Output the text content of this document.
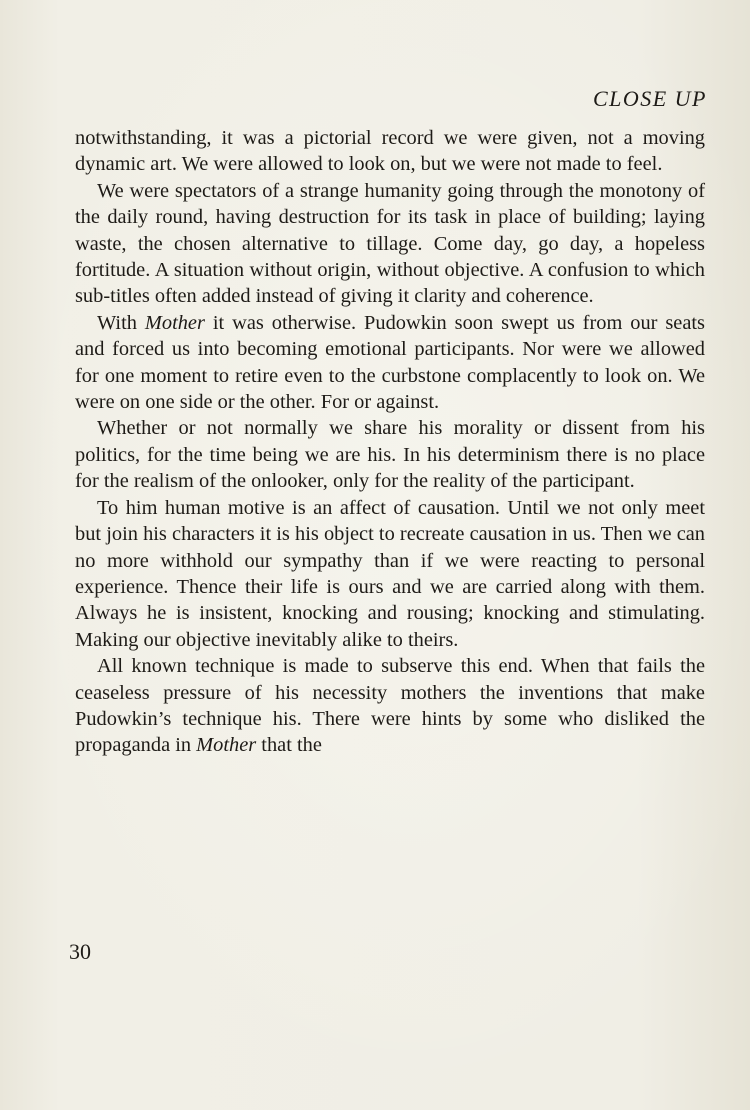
CLOSE UP

notwithstanding, it was a pictorial record we were given, not a moving dynamic art. We were allowed to look on, but we were not made to feel.

We were spectators of a strange humanity going through the monotony of the daily round, having destruction for its task in place of building; laying waste, the chosen alternative to tillage. Come day, go day, a hopeless fortitude. A situation without origin, without objective. A confusion to which sub-titles often added instead of giving it clarity and coherence.

With Mother it was otherwise. Pudowkin soon swept us from our seats and forced us into becoming emotional participants. Nor were we allowed for one moment to retire even to the curbstone complacently to look on. We were on one side or the other. For or against.

Whether or not normally we share his morality or dissent from his politics, for the time being we are his. In his determinism there is no place for the realism of the onlooker, only for the reality of the participant.

To him human motive is an affect of causation. Until we not only meet but join his characters it is his object to recreate causation in us. Then we can no more withhold our sympathy than if we were reacting to personal experience. Thence their life is ours and we are carried along with them. Always he is insistent, knocking and rousing; knocking and stimulating. Making our objective inevitably alike to theirs.

All known technique is made to subserve this end. When that fails the ceaseless pressure of his necessity mothers the inventions that make Pudowkin’s technique his. There were hints by some who disliked the propaganda in Mother that the

30
